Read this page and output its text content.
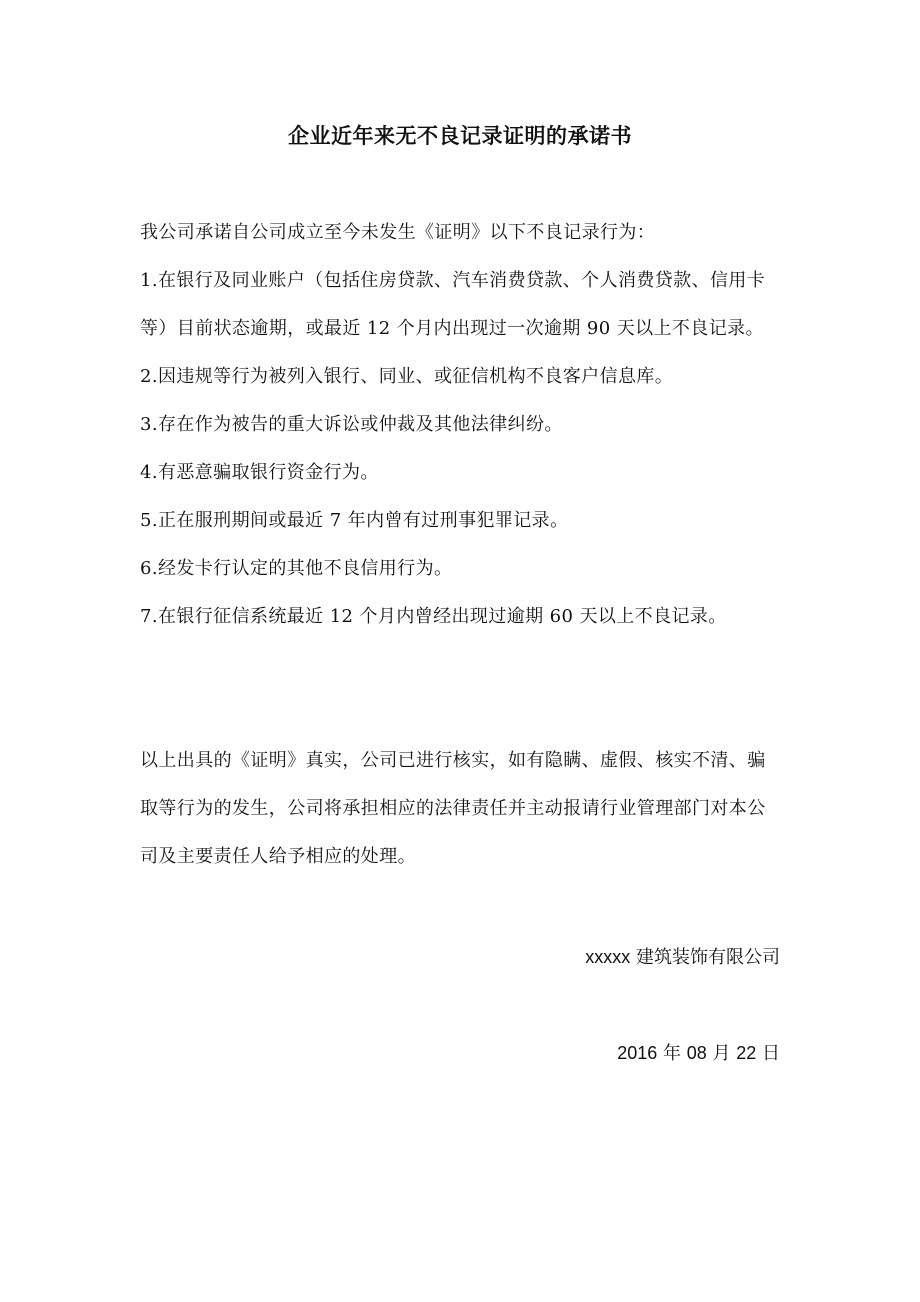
企业近年来无不良记录证明的承诺书

我公司承诺自公司成立至今未发生《证明》以下不良记录行为：

1.在银行及同业账户（包括住房贷款、汽车消费贷款、个人消费贷款、信用卡等）目前状态逾期，或最近 12 个月内出现过一次逾期 90 天以上不良记录。

2.因违规等行为被列入银行、同业、或征信机构不良客户信息库。

3.存在作为被告的重大诉讼或仲裁及其他法律纠纷。

4.有恶意骗取银行资金行为。

5.正在服刑期间或最近 7 年内曾有过刑事犯罪记录。

6.经发卡行认定的其他不良信用行为。

7.在银行征信系统最近 12 个月内曾经出现过逾期 60 天以上不良记录。

以上出具的《证明》真实，公司已进行核实，如有隐瞒、虚假、核实不清、骗取等行为的发生，公司将承担相应的法律责任并主动报请行业管理部门对本公司及主要责任人给予相应的处理。

xxxxx 建筑装饰有限公司
2016 年 08 月 22 日
